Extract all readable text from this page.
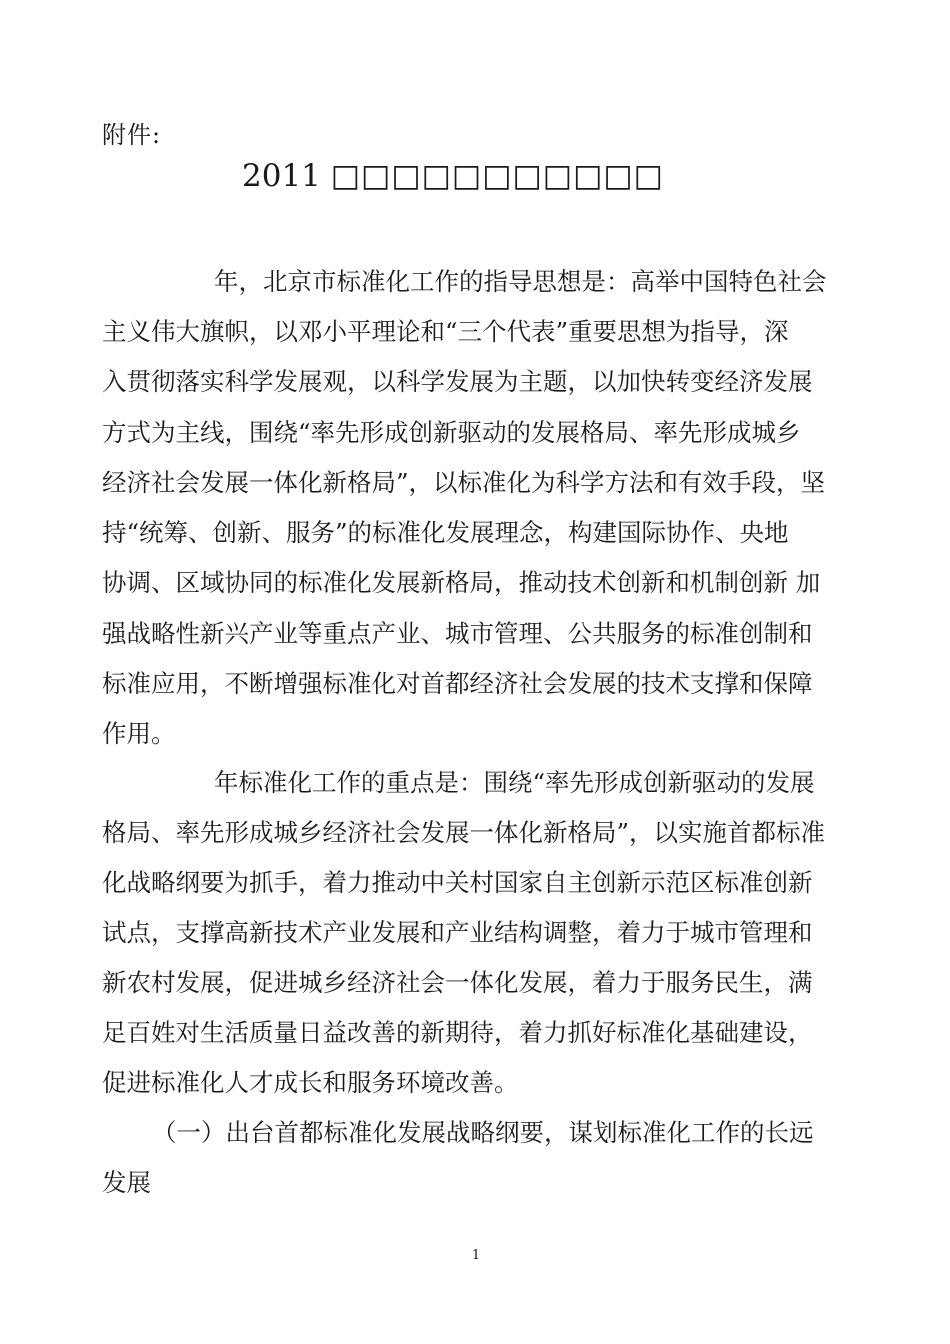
附件:
2011 □□□□□□□□□□□
年，北京市标准化工作的指导思想是：高举中国特色社会
主义伟大旗帜，以邓小平理论和“三个代表”重要思想为指导，深
入贯彻落实科学发展观，以科学发展为主题，以加快转变经济发展
方式为主线，围绕“率先形成创新驱动的发展格局、率先形成城乡
经济社会发展一体化新格局”，以标准化为科学方法和有效手段，坚
持“统筹、创新、服务”的标准化发展理念，构建国际协作、央地
协调、区域协同的标准化发展新格局，推动技术创新和机制创新 加
强战略性新兴产业等重点产业、城市管理、公共服务的标准创制和
标准应用，不断增强标准化对首都经济社会发展的技术支撑和保障
作用。
年标准化工作的重点是：围绕“率先形成创新驱动的发展
格局、率先形成城乡经济社会发展一体化新格局”，以实施首都标准
化战略纲要为抓手，着力推动中关村国家自主创新示范区标准创新
试点，支撑高新技术产业发展和产业结构调整，着力于城市管理和
新农村发展，促进城乡经济社会一体化发展，着力于服务民生，满
足百姓对生活质量日益改善的新期待，着力抓好标准化基础建设，
促进标准化人才成长和服务环境改善。
（一）出台首都标准化发展战略纲要，谋划标准化工作的长远
发展
1
